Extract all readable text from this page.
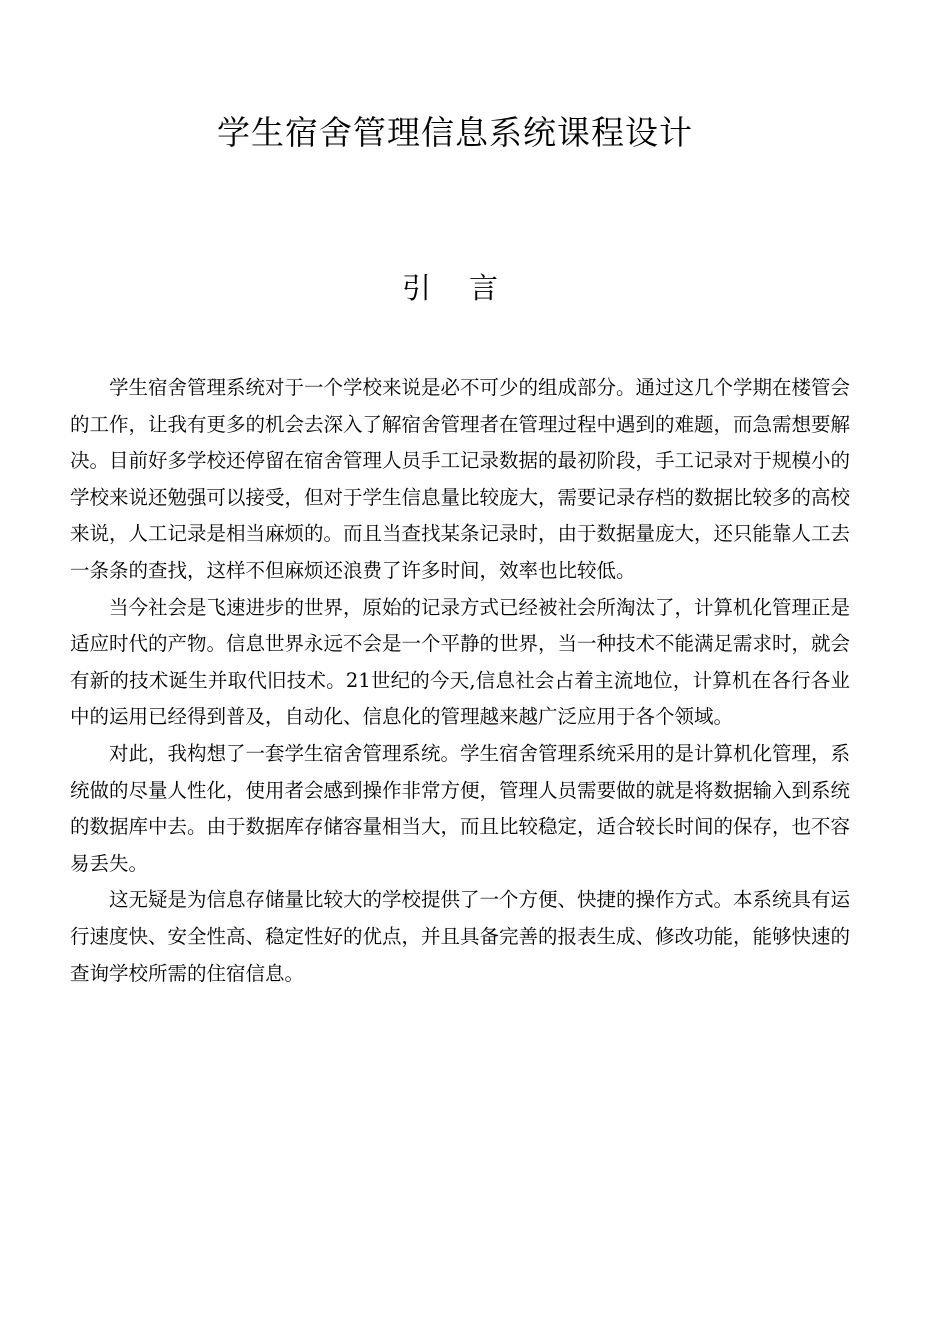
学生宿舍管理信息系统课程设计
引 言

学生宿舍管理系统对于一个学校来说是必不可少的组成部分。通过这几个学期在楼管会的工作，让我有更多的机会去深入了解宿舍管理者在管理过程中遇到的难题，而急需想要解决。目前好多学校还停留在宿舍管理人员手工记录数据的最初阶段，手工记录对于规模小的学校来说还勉强可以接受，但对于学生信息量比较庞大，需要记录存档的数据比较多的高校来说，人工记录是相当麻烦的。而且当查找某条记录时，由于数据量庞大，还只能靠人工去一条条的查找，这样不但麻烦还浪费了许多时间，效率也比较低。

当今社会是飞速进步的世界，原始的记录方式已经被社会所淘汰了，计算机化管理正是适应时代的产物。信息世界永远不会是一个平静的世界，当一种技术不能满足需求时，就会有新的技术诞生并取代旧技术。21世纪的今天,信息社会占着主流地位，计算机在各行各业中的运用已经得到普及，自动化、信息化的管理越来越广泛应用于各个领域。

对此，我构想了一套学生宿舍管理系统。学生宿舍管理系统采用的是计算机化管理，系统做的尽量人性化，使用者会感到操作非常方便，管理人员需要做的就是将数据输入到系统的数据库中去。由于数据库存储容量相当大，而且比较稳定，适合较长时间的保存，也不容易丢失。

这无疑是为信息存储量比较大的学校提供了一个方便、快捷的操作方式。本系统具有运行速度快、安全性高、稳定性好的优点，并且具备完善的报表生成、修改功能，能够快速的查询学校所需的住宿信息。
